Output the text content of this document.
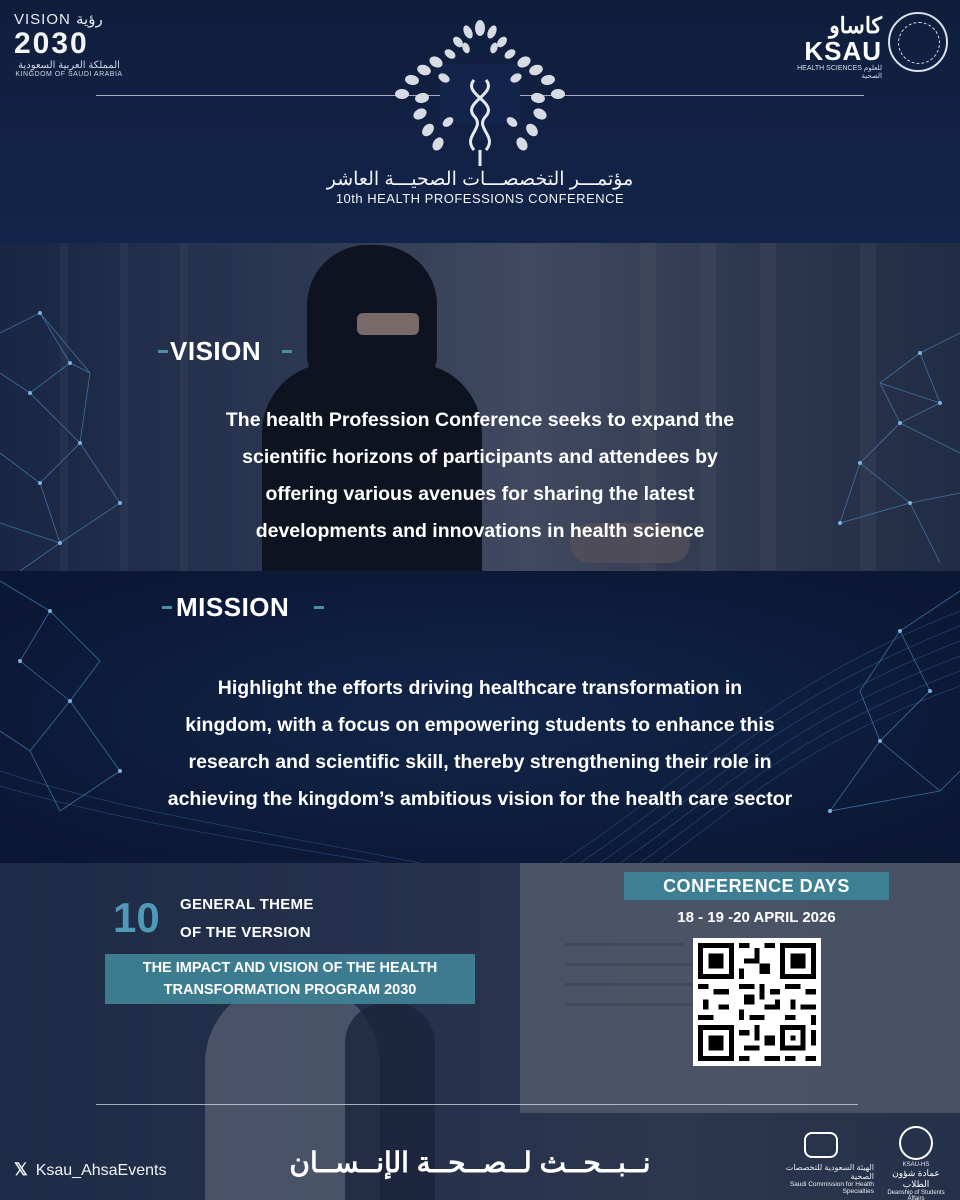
VISION رؤية
2030
المملكة العربية السعودية
KINGDOM OF SAUDI ARABIA
كاساو
KSAU
HEALTH SCIENCES للعلوم الصحية
مؤتمـــر التخصصـــات الصحيـــة العاشر
10th HEALTH PROFESSIONS CONFERENCE
VISION
The health Profession Conference seeks to expand the
scientific horizons of participants and attendees by
offering various avenues for sharing the latest
developments and innovations in health science
MISSION
Highlight the efforts driving healthcare transformation in
kingdom, with a focus on empowering students to enhance this
research and scientific skill, thereby strengthening their role in
achieving the kingdom’s ambitious vision for the health care sector
10 GENERAL THEME
OF THE VERSION
THE IMPACT AND VISION OF THE HEALTH
TRANSFORMATION PROGRAM 2030
CONFERENCE DAYS
18 - 19 -20 APRIL 2026
𝕏 Ksau_AhsaEvents	نــبــحــث لــصــحــة الإنــســان	الهيئة السعودية للتخصصات الصحية
Saudi Commission for Health Specialties
KSAU-HS
عمادة شؤون الطلاب
Deanship of Students Affairs
